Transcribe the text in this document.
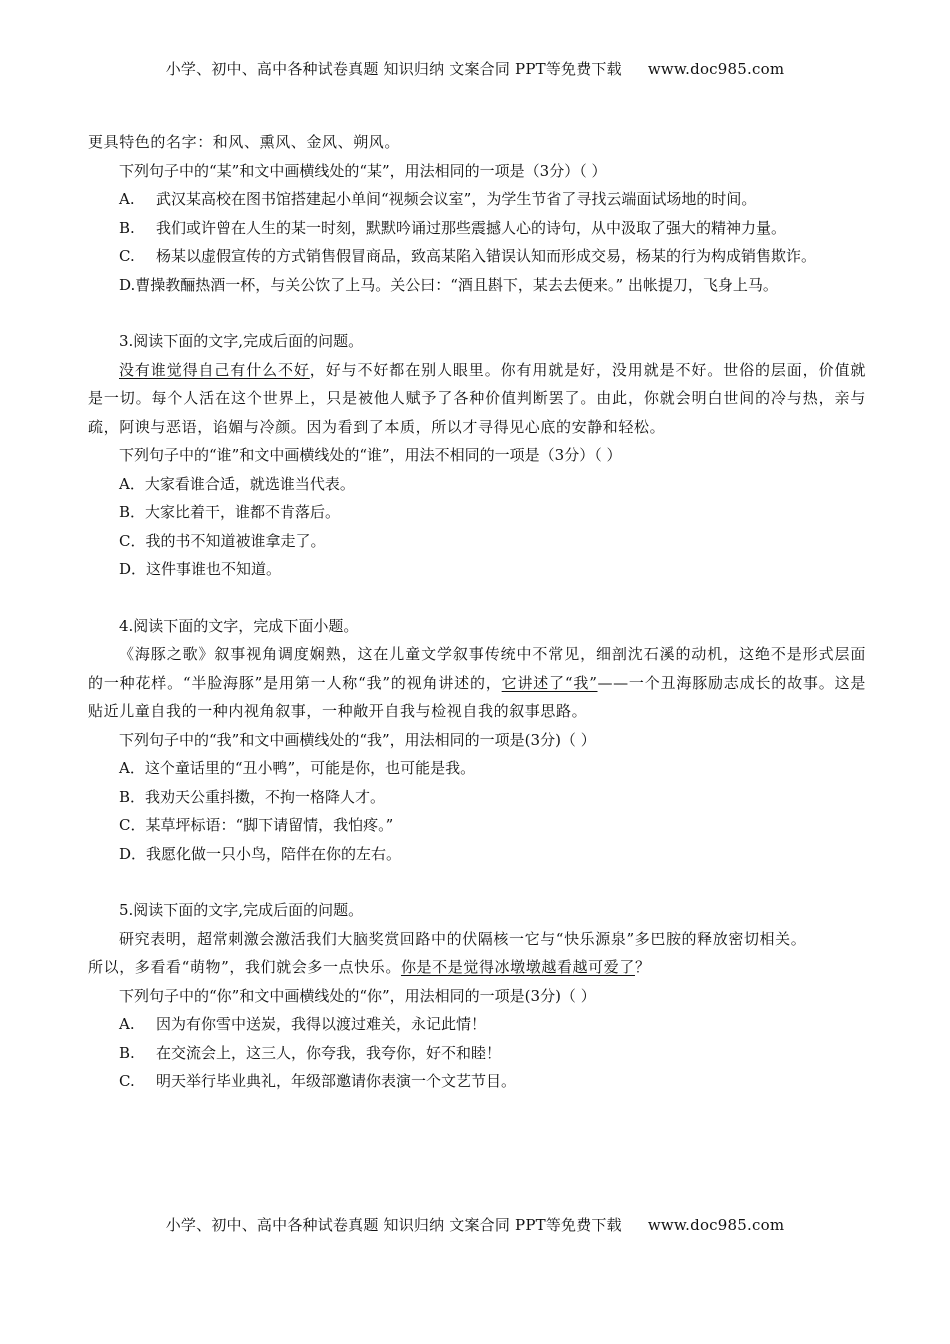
小学、初中、高中各种试卷真题 知识归纳 文案合同 PPT等免费下载 www.doc985.com

更具特色的名字：和风、熏风、金风、朔风。

下列句子中的“某”和文中画横线处的“某”，用法相同的一项是（3分）（ ）

A. 武汉某高校在图书馆搭建起小单间“视频会议室”，为学生节省了寻找云端面试场地的时间。

B. 我们或许曾在人生的某一时刻，默默吟诵过那些震撼人心的诗句，从中汲取了强大的精神力量。

C. 杨某以虚假宣传的方式销售假冒商品，致高某陷入错误认知而形成交易，杨某的行为构成销售欺诈。

D.曹操教酾热酒一杯，与关公饮了上马。关公曰：“酒且斟下，某去去便来。” 出帐提刀，飞身上马。

3.阅读下面的文字,完成后面的问题。

没有谁觉得自己有什么不好，好与不好都在别人眼里。你有用就是好，没用就是不好。世俗的层面，价值就是一切。每个人活在这个世界上，只是被他人赋予了各种价值判断罢了。由此，你就会明白世间的冷与热，亲与疏，阿谀与恶语，谄媚与冷颜。因为看到了本质，所以才寻得见心底的安静和轻松。

下列句子中的“谁”和文中画横线处的“谁”，用法不相同的一项是（3分）（ ）

A．大家看谁合适，就选谁当代表。

B．大家比着干，谁都不肯落后。

C．我的书不知道被谁拿走了。

D．这件事谁也不知道。

4.阅读下面的文字，完成下面小题。

《海豚之歌》叙事视角调度娴熟，这在儿童文学叙事传统中不常见，细剖沈石溪的动机，这绝不是形式层面的一种花样。“半脸海豚”是用第一人称“我”的视角讲述的，它讲述了“我”——一个丑海豚励志成长的故事。这是贴近儿童自我的一种内视角叙事，一种敞开自我与检视自我的叙事思路。

下列句子中的“我”和文中画横线处的“我”，用法相同的一项是(3分)（ ）

A．这个童话里的“丑小鸭”，可能是你，也可能是我。

B．我劝天公重抖擞，不拘一格降人才。

C．某草坪标语：“脚下请留情，我怕疼。”

D．我愿化做一只小鸟，陪伴在你的左右。

5.阅读下面的文字,完成后面的问题。

研究表明，超常刺激会激活我们大脑奖赏回路中的伏隔核一它与“快乐源泉”多巴胺的释放密切相关。

所以，多看看“萌物”，我们就会多一点快乐。你是不是觉得冰墩墩越看越可爱了？

下列句子中的“你”和文中画横线处的“你”，用法相同的一项是(3分)（ ）

A. 因为有你雪中送炭，我得以渡过难关，永记此情！

B. 在交流会上，这三人，你夸我，我夸你，好不和睦！

C. 明天举行毕业典礼，年级部邀请你表演一个文艺节目。

小学、初中、高中各种试卷真题 知识归纳 文案合同 PPT等免费下载 www.doc985.com
